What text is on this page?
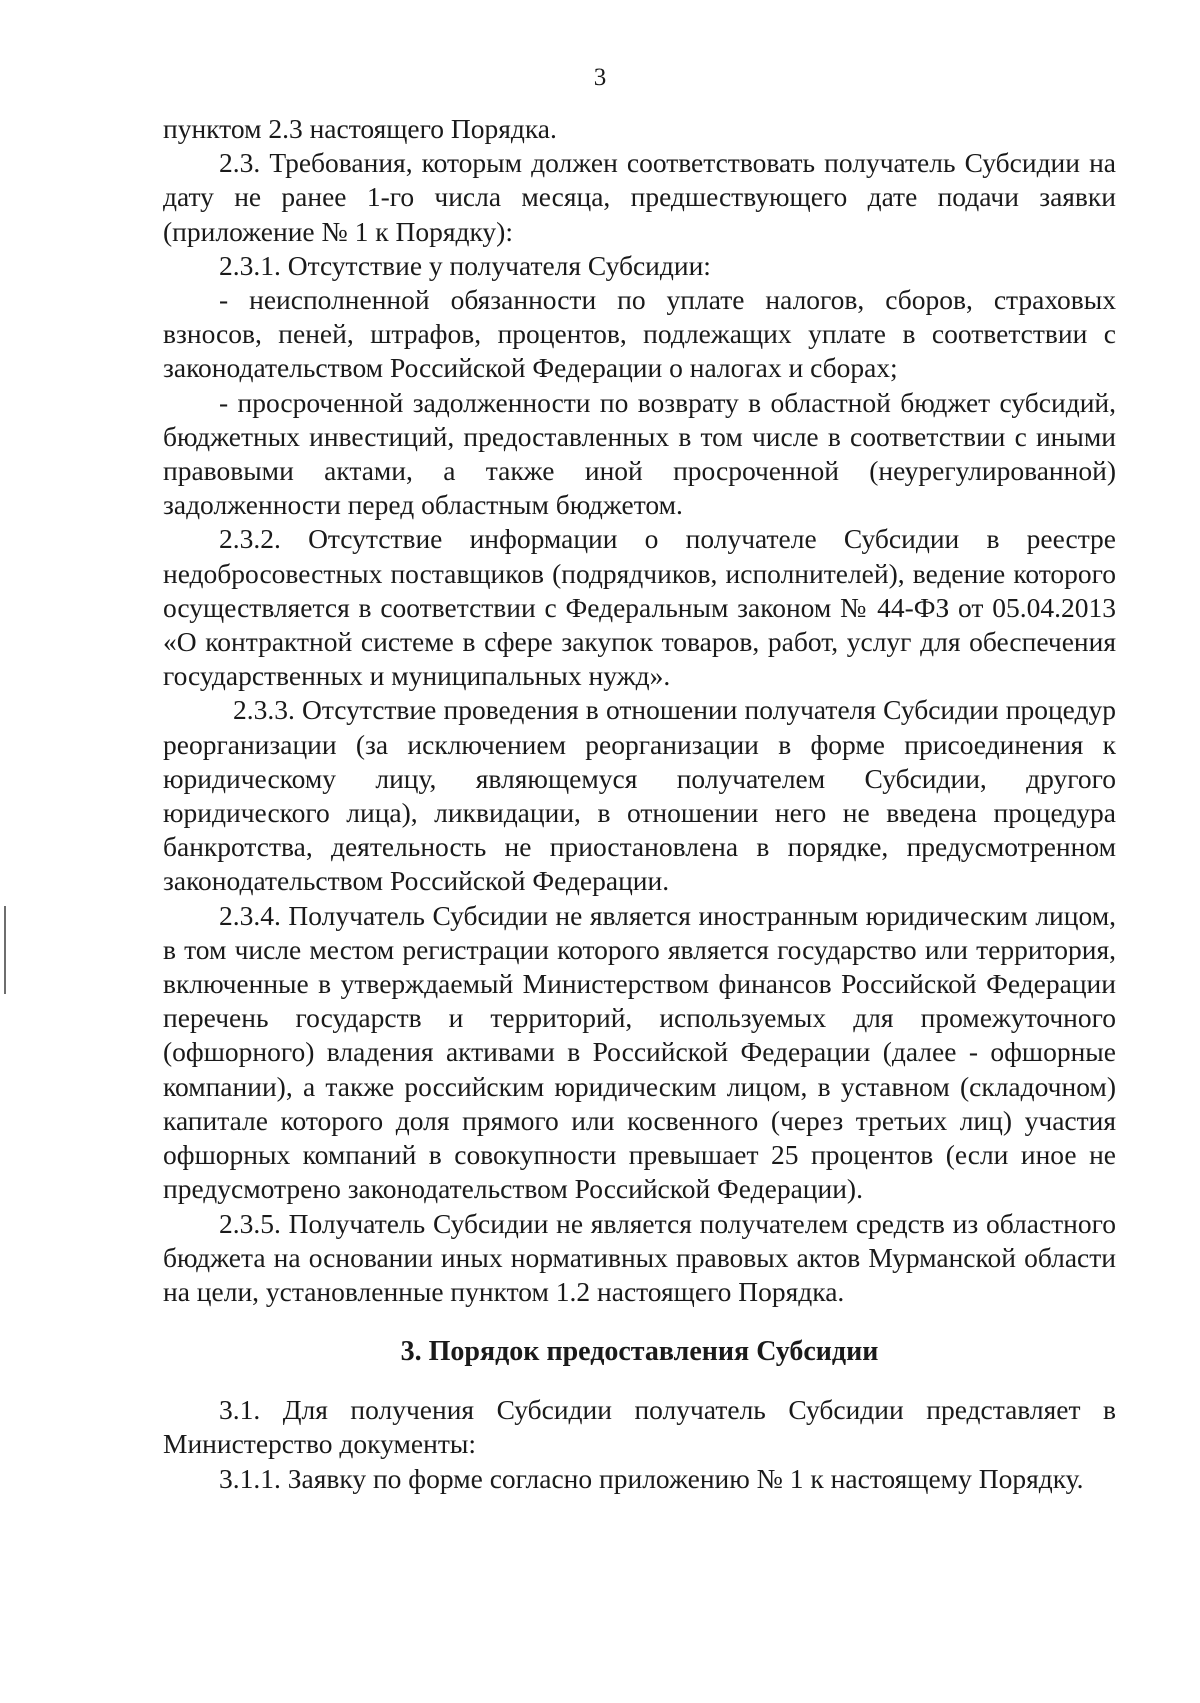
3

пунктом 2.3 настоящего Порядка.

2.3. Требования, которым должен соответствовать получатель Субсидии на дату не ранее 1-го числа месяца, предшествующего дате подачи заявки (приложение № 1 к Порядку):

2.3.1. Отсутствие у получателя Субсидии:

- неисполненной обязанности по уплате налогов, сборов, страховых взносов, пеней, штрафов, процентов, подлежащих уплате в соответствии с законодательством Российской Федерации о налогах и сборах;

- просроченной задолженности по возврату в областной бюджет субсидий, бюджетных инвестиций, предоставленных в том числе в соответствии с иными правовыми актами, а также иной просроченной (неурегулированной) задолженности перед областным бюджетом.

2.3.2. Отсутствие информации о получателе Субсидии в реестре недобросовестных поставщиков (подрядчиков, исполнителей), ведение которого осуществляется в соответствии с Федеральным законом № 44-ФЗ от 05.04.2013 «О контрактной системе в сфере закупок товаров, работ, услуг для обеспечения государственных и муниципальных нужд».

2.3.3. Отсутствие проведения в отношении получателя Субсидии процедур реорганизации (за исключением реорганизации в форме присоединения к юридическому лицу, являющемуся получателем Субсидии, другого юридического лица), ликвидации, в отношении него не введена процедура банкротства, деятельность не приостановлена в порядке, предусмотренном законодательством Российской Федерации.

2.3.4. Получатель Субсидии не является иностранным юридическим лицом, в том числе местом регистрации которого является государство или территория, включенные в утверждаемый Министерством финансов Российской Федерации перечень государств и территорий, используемых для промежуточного (офшорного) владения активами в Российской Федерации (далее - офшорные компании), а также российским юридическим лицом, в уставном (складочном) капитале которого доля прямого или косвенного (через третьих лиц) участия офшорных компаний в совокупности превышает 25 процентов (если иное не предусмотрено законодательством Российской Федерации).

2.3.5. Получатель Субсидии не является получателем средств из областного бюджета на основании иных нормативных правовых актов Мурманской области на цели, установленные пунктом 1.2 настоящего Порядка.

3. Порядок предоставления Субсидии

3.1. Для получения Субсидии получатель Субсидии представляет в Министерство документы:

3.1.1. Заявку по форме согласно приложению № 1 к настоящему Порядку.
